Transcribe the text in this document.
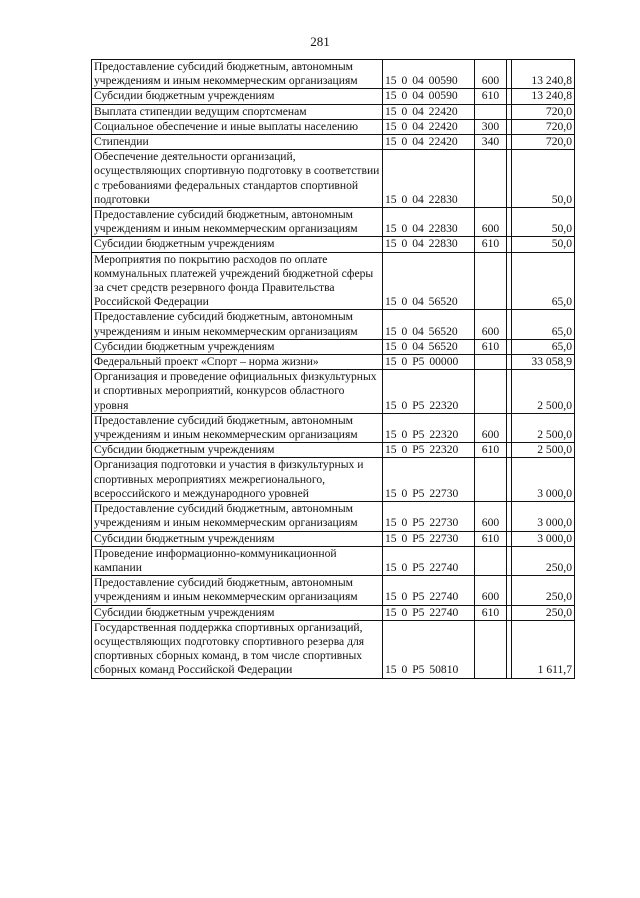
281
Предоставление субсидий бюджетным, автономным учреждениям и иным некоммерческим организациям	15 0 04 00590	600		13 240,8
Субсидии бюджетным учреждениям	15 0 04 00590	610		13 240,8
Выплата стипендии ведущим спортсменам	15 0 04 22420			720,0
Социальное обеспечение и иные выплаты населению	15 0 04 22420	300		720,0
Стипендии	15 0 04 22420	340		720,0
Обеспечение деятельности организаций, осуществляющих спортивную подготовку в соответствии с требованиями федеральных стандартов спортивной подготовки	15 0 04 22830			50,0
Предоставление субсидий бюджетным, автономным учреждениям и иным некоммерческим организациям	15 0 04 22830	600		50,0
Субсидии бюджетным учреждениям	15 0 04 22830	610		50,0
Мероприятия по покрытию расходов по оплате коммунальных платежей учреждений бюджетной сферы за счет средств резервного фонда Правительства Российской Федерации	15 0 04 56520			65,0
Предоставление субсидий бюджетным, автономным учреждениям и иным некоммерческим организациям	15 0 04 56520	600		65,0
Субсидии бюджетным учреждениям	15 0 04 56520	610		65,0
Федеральный проект «Спорт – норма жизни»	15 0 P5 00000			33 058,9
Организация и проведение официальных физкультурных и спортивных мероприятий, конкурсов областного уровня	15 0 P5 22320			2 500,0
Предоставление субсидий бюджетным, автономным учреждениям и иным некоммерческим организациям	15 0 P5 22320	600		2 500,0
Субсидии бюджетным учреждениям	15 0 P5 22320	610		2 500,0
Организация подготовки и участия в физкультурных и спортивных мероприятиях межрегионального, всероссийского и международного уровней	15 0 P5 22730			3 000,0
Предоставление субсидий бюджетным, автономным учреждениям и иным некоммерческим организациям	15 0 P5 22730	600		3 000,0
Субсидии бюджетным учреждениям	15 0 P5 22730	610		3 000,0
Проведение информационно-коммуникационной кампании	15 0 P5 22740			250,0
Предоставление субсидий бюджетным, автономным учреждениям и иным некоммерческим организациям	15 0 P5 22740	600		250,0
Субсидии бюджетным учреждениям	15 0 P5 22740	610		250,0
Государственная поддержка спортивных организаций, осуществляющих подготовку спортивного резерва для спортивных сборных команд, в том числе спортивных сборных команд Российской Федерации	15 0 P5 50810			1 611,7
